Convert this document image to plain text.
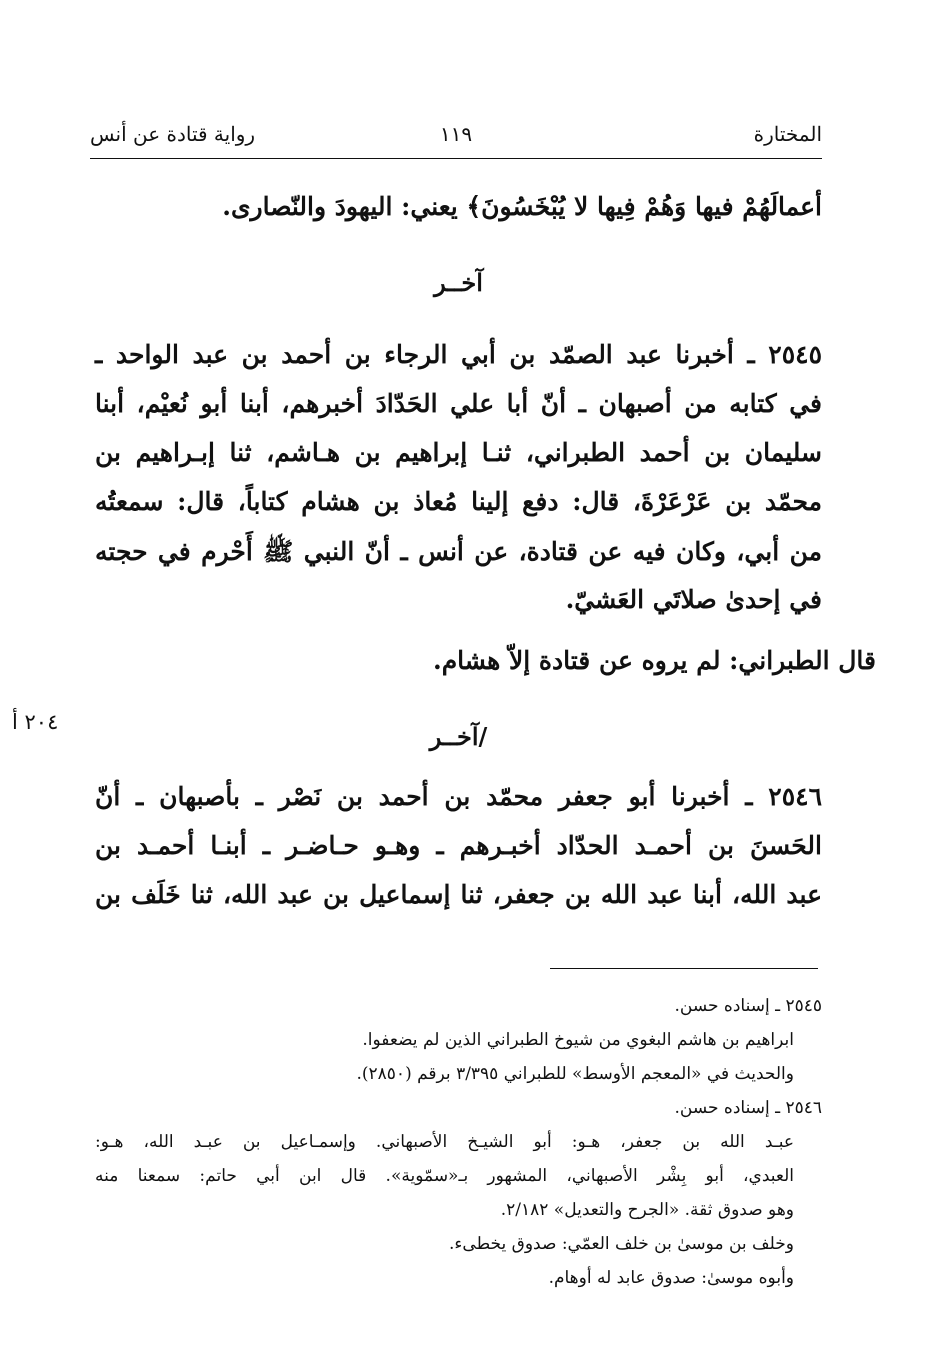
المختارة
١١٩
رواية قتادة عن أنس
أعمالَهُمْ فيها وَهُمْ فِيها لا يُبْخَسُونَ﴾ يعني: اليهودَ والنّصارى.
آخــر
٢٥٤٥ ـ أخبرنا عبد الصمّد بن أبي الرجاء بن أحمد بن عبد الواحد ـ
في كتابه من أصبهان ـ أنّ أبا علي الحَدّادَ أخبرهم، أبنا أبو نُعيْم، أبنا
سليمان بن أحمد الطبراني، ثنـا إبراهيم بن هـاشم، ثنا إبـراهيم بن
محمّد بن عَرْعَرْةَ، قال: دفع إلينا مُعاذ بن هشام كتاباً، قال: سمعتُه
من أبي، وكان فيه عن قتادة، عن أنس ـ أنّ النبي ﷺ أَحْرم في حجته
في إحدىٰ صلاتَي العَشيّ.
قال الطبراني: لم يروه عن قتادة إلاّ هشام.
/آخــر
٢٠٤ أ
٢٥٤٦ ـ أخبرنا أبو جعفر محمّد بن أحمد بن نَصْر ـ بأصبهان ـ أنّ
الحَسنَ بن أحمـد الحدّاد أخبـرهم ـ وهـو حـاضـر ـ أبنـا أحمـد بن
عبد الله، أبنا عبد الله بن جعفر، ثنا إسماعيل بن عبد الله، ثنا خَلَف بن
٢٥٤٥ ـ إسناده حسن.
ابراهيم بن هاشم البغوي من شيوخ الطبراني الذين لم يضعفوا.
والحديث في «المعجم الأوسط» للطبراني ٣/٣٩٥ برقم (٢٨٥٠).
٢٥٤٦ ـ إسناده حسن.
عبـد الله بن جعفر، هـو: أبو الشيـخ الأصبهاني. وإسمـاعيل بن عبـد الله، هـو:
العبدي، أبو بِشْر الأصبهاني، المشهور بـ«سمّوية». قال ابن أبي حاتم: سمعنا منه
وهو صدوق ثقة. «الجرح والتعديل» ٢/١٨٢.
وخلف بن موسىٰ بن خلف العمّي: صدوق يخطىء.
وأبوه موسىٰ: صدوق عابد له أوهام.
